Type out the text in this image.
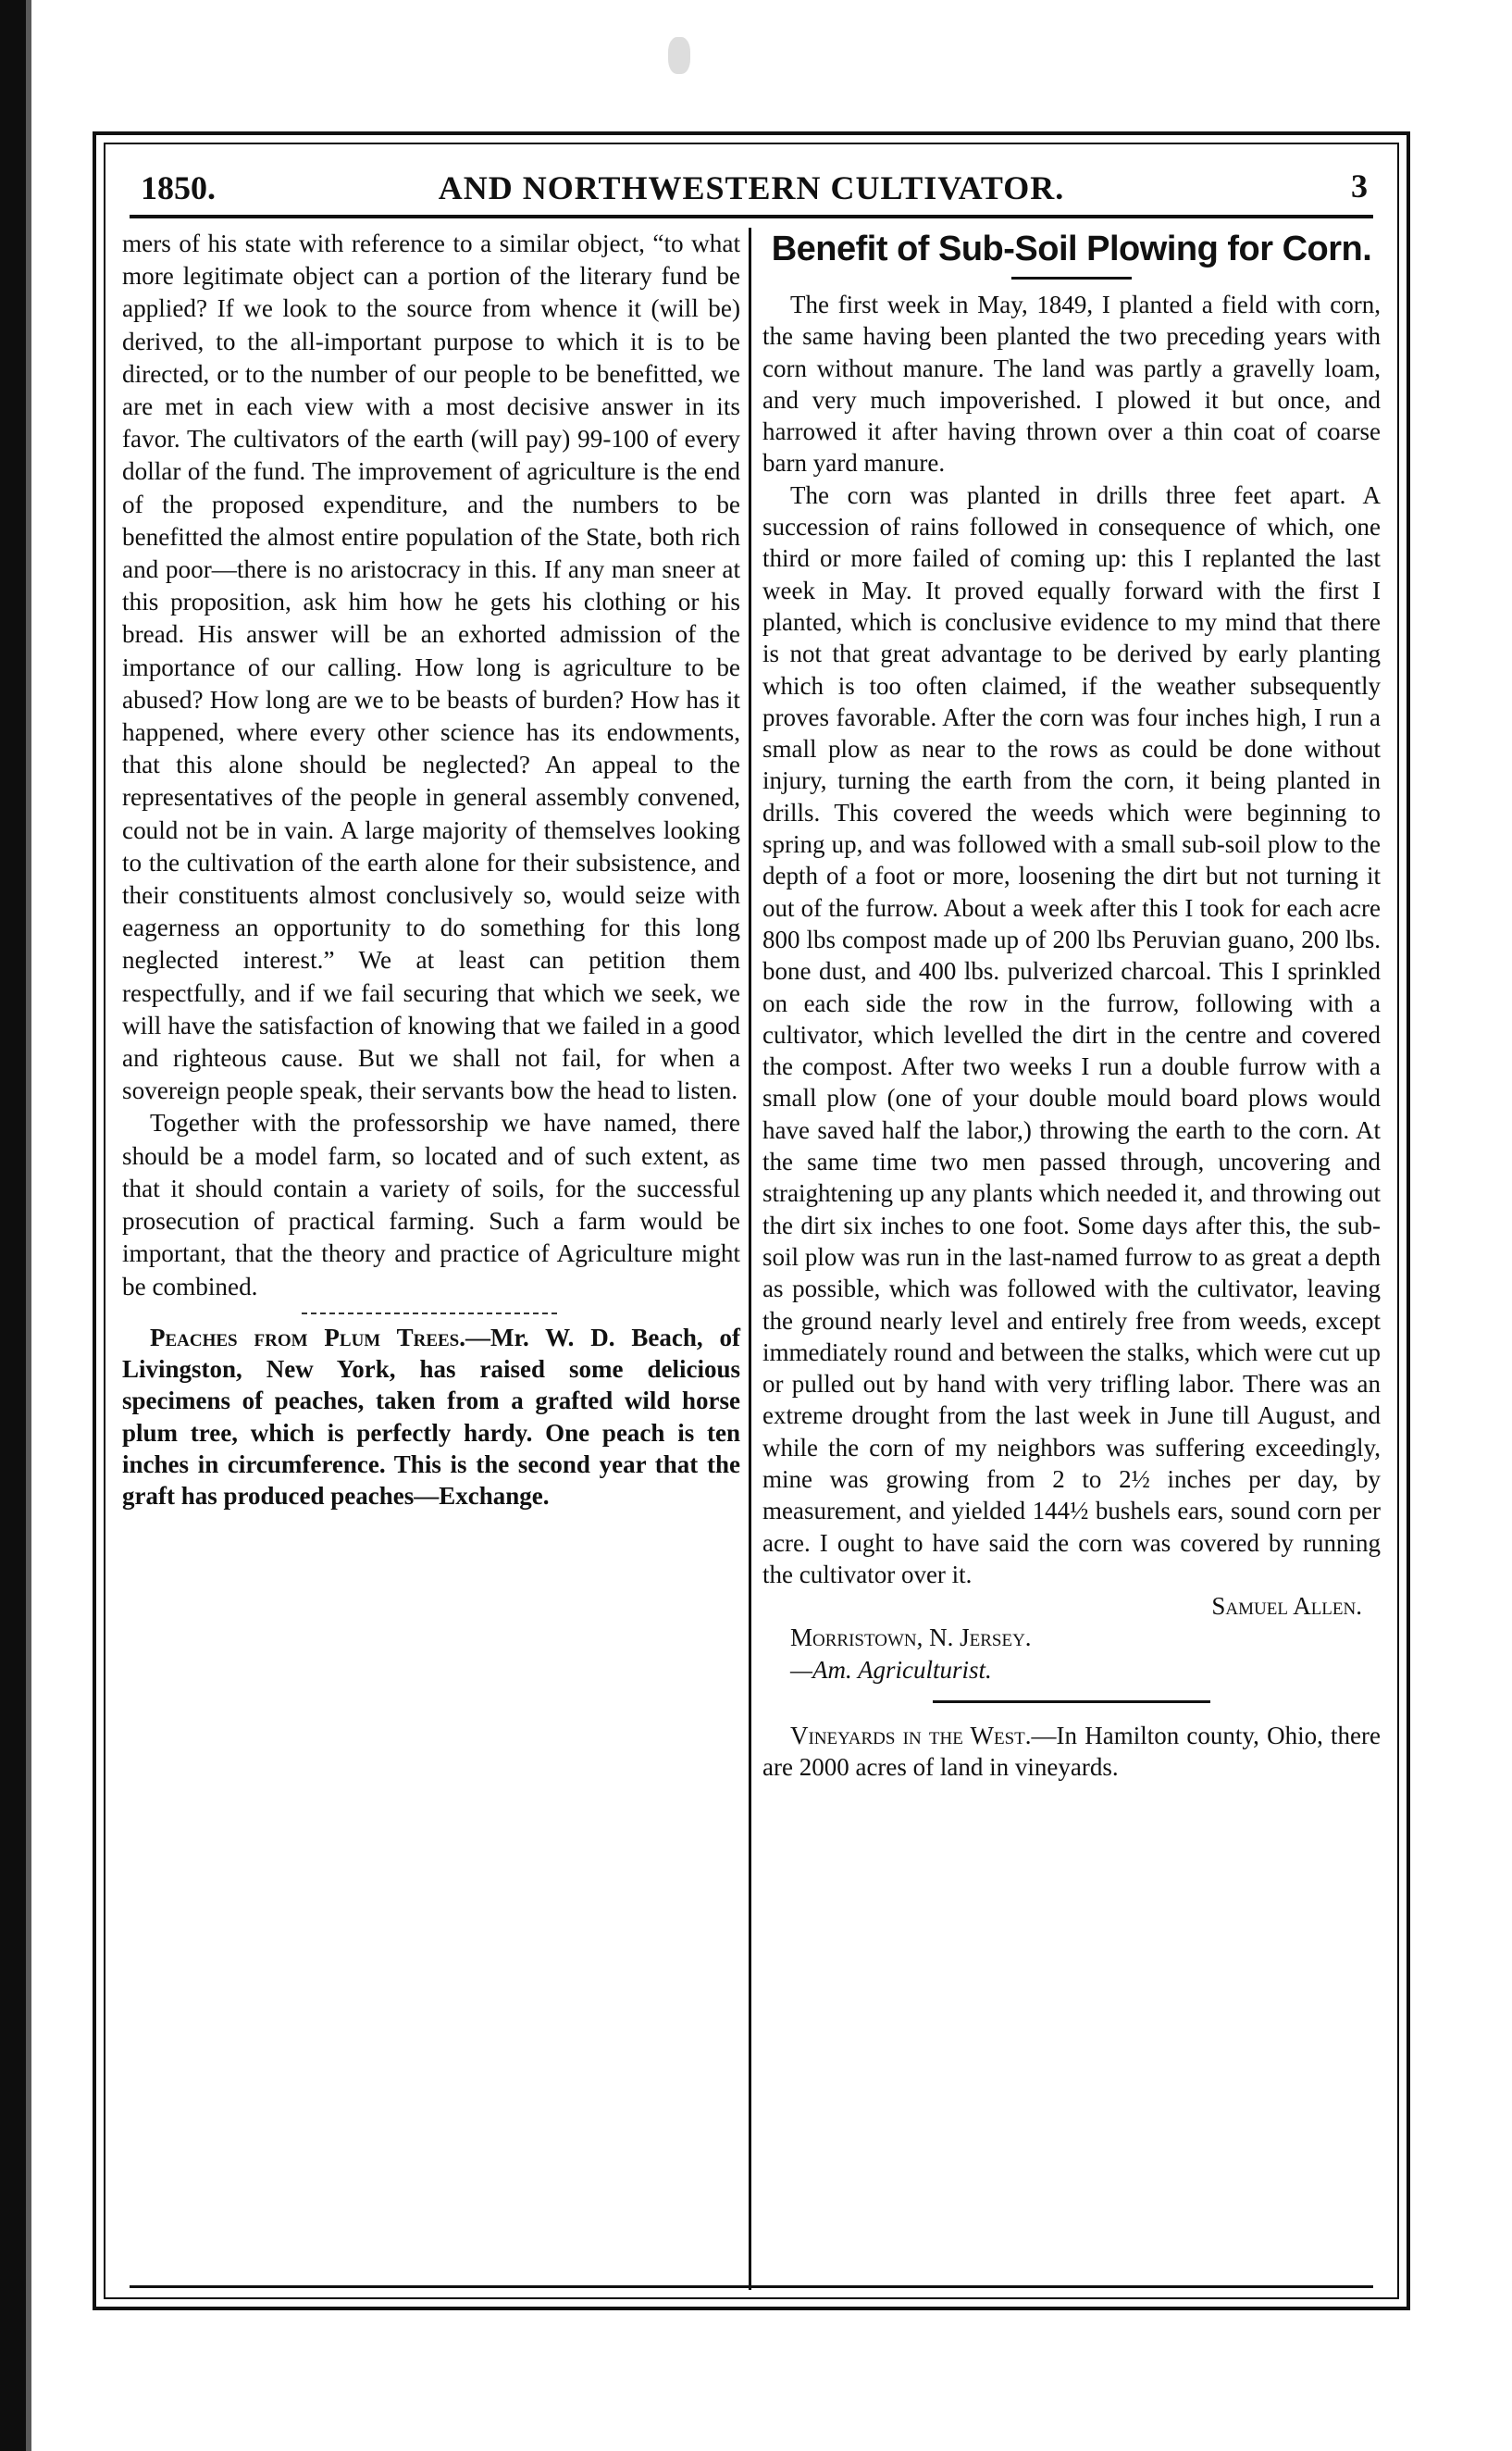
1850.	AND NORTHWESTERN CULTIVATOR.	3

mers of his state with reference to a similar object, “to what more legitimate object can a portion of the literary fund be applied? If we look to the source from whence it (will be) derived, to the all-important purpose to which it is to be directed, or to the number of our people to be benefitted, we are met in each view with a most decisive answer in its favor. The cultivators of the earth (will pay) 99-100 of every dollar of the fund. The improvement of agriculture is the end of the proposed expenditure, and the numbers to be benefitted the almost entire population of the State, both rich and poor—there is no aristocracy in this. If any man sneer at this proposition, ask him how he gets his clothing or his bread. His answer will be an exhorted admission of the importance of our calling. How long is agriculture to be abused? How long are we to be beasts of burden? How has it happened, where every other science has its endowments, that this alone should be neglected? An appeal to the representatives of the people in general assembly convened, could not be in vain. A large majority of themselves looking to the cultivation of the earth alone for their subsistence, and their constituents almost conclusively so, would seize with eagerness an opportunity to do something for this long neglected interest.” We at least can petition them respectfully, and if we fail securing that which we seek, we will have the satisfaction of knowing that we failed in a good and righteous cause. But we shall not fail, for when a sovereign people speak, their servants bow the head to listen.

Together with the professorship we have named, there should be a model farm, so located and of such extent, as that it should contain a variety of soils, for the successful prosecution of practical farming. Such a farm would be important, that the theory and practice of Agriculture might be combined.

Peaches from Plum Trees.—Mr. W. D. Beach, of Livingston, New York, has raised some delicious specimens of peaches, taken from a grafted wild horse plum tree, which is perfectly hardy. One peach is ten inches in circumference. This is the second year that the graft has produced peaches—Exchange.

Benefit of Sub-Soil Plowing for Corn.

The first week in May, 1849, I planted a field with corn, the same having been planted the two preceding years with corn without manure. The land was partly a gravelly loam, and very much impoverished. I plowed it but once, and harrowed it after having thrown over a thin coat of coarse barn yard manure.

The corn was planted in drills three feet apart. A succession of rains followed in consequence of which, one third or more failed of coming up: this I replanted the last week in May. It proved equally forward with the first I planted, which is conclusive evidence to my mind that there is not that great advantage to be derived by early planting which is too often claimed, if the weather subsequently proves favorable. After the corn was four inches high, I run a small plow as near to the rows as could be done without injury, turning the earth from the corn, it being planted in drills. This covered the weeds which were beginning to spring up, and was followed with a small sub-soil plow to the depth of a foot or more, loosening the dirt but not turning it out of the furrow. About a week after this I took for each acre 800 lbs compost made up of 200 lbs Peruvian guano, 200 lbs. bone dust, and 400 lbs. pulverized charcoal. This I sprinkled on each side the row in the furrow, following with a cultivator, which levelled the dirt in the centre and covered the compost. After two weeks I run a double furrow with a small plow (one of your double mould board plows would have saved half the labor,) throwing the earth to the corn. At the same time two men passed through, uncovering and straightening up any plants which needed it, and throwing out the dirt six inches to one foot. Some days after this, the sub-soil plow was run in the last-named furrow to as great a depth as possible, which was followed with the cultivator, leaving the ground nearly level and entirely free from weeds, except immediately round and between the stalks, which were cut up or pulled out by hand with very trifling labor. There was an extreme drought from the last week in June till August, and while the corn of my neighbors was suffering exceedingly, mine was growing from 2 to 2½ inches per day, by measurement, and yielded 144½ bushels ears, sound corn per acre. I ought to have said the corn was covered by running the cultivator over it.

Samuel Allen.

Morristown, N. Jersey.

—Am. Agriculturist.

Vineyards in the West.—In Hamilton county, Ohio, there are 2000 acres of land in vineyards.
